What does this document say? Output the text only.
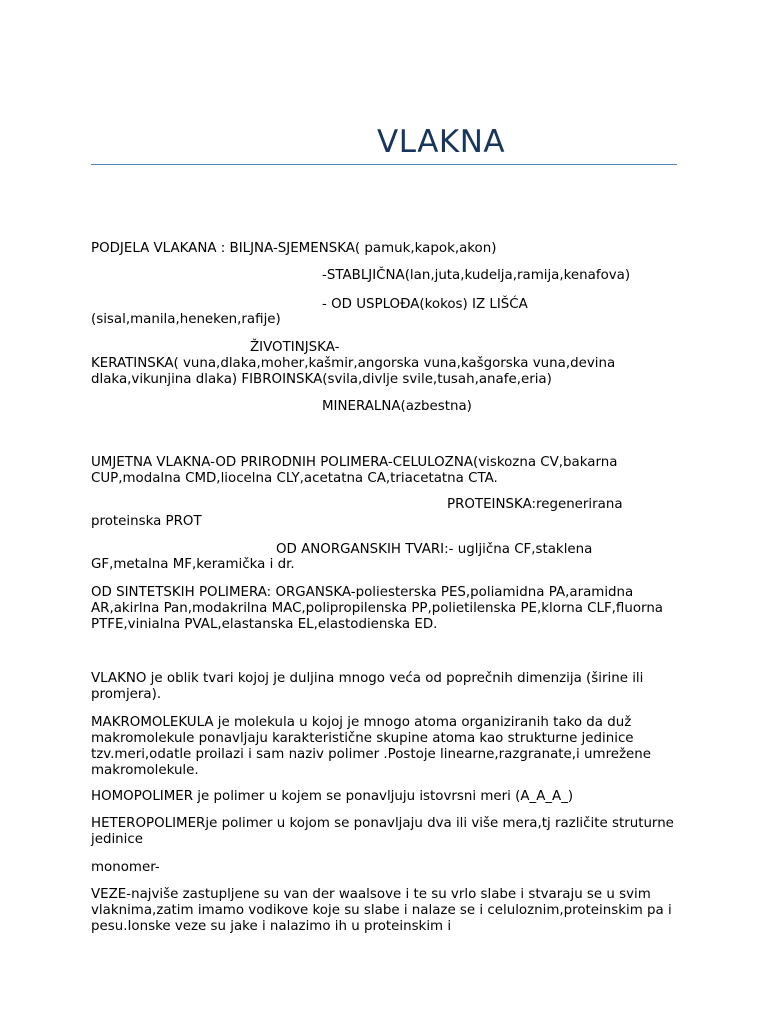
VLAKNA
PODJELA VLAKANA : BILJNA-SJEMENSKA( pamuk,kapok,akon)
-STABLJIČNA(lan,juta,kudelja,ramija,kenafova)
- OD USPLOĐA(kokos) IZ LIŠĆA
(sisal,manila,heneken,rafije)
ŽIVOTINJSKA-
KERATINSKA( vuna,dlaka,moher,kašmir,angorska vuna,kašgorska vuna,devina dlaka,vikunjina dlaka) FIBROINSKA(svila,divlje svile,tusah,anafe,eria)
MINERALNA(azbestna)
UMJETNA VLAKNA-OD PRIRODNIH POLIMERA-CELULOZNA(viskozna CV,bakarna CUP,modalna CMD,liocelna CLY,acetatna CA,triacetatna CTA.
PROTEINSKA:regenerirana
proteinska PROT
OD ANORGANSKIH TVARI:- ugljična CF,staklena
GF,metalna MF,keramička i dr.
OD SINTETSKIH POLIMERA: ORGANSKA-poliesterska PES,poliamidna PA,aramidna AR,akirlna Pan,modakrilna MAC,polipropilenska PP,polietilenska PE,klorna CLF,fluorna PTFE,vinialna PVAL,elastanska EL,elastodienska ED.
VLAKNO je oblik tvari kojoj je duljina mnogo veća od poprečnih dimenzija (širine ili promjera).
MAKROMOLEKULA je molekula u kojoj je mnogo atoma organiziranih tako da duž makromolekule ponavljaju karakteristične skupine atoma kao strukturne jedinice tzv.meri,odatle proilazi i sam naziv polimer .Postoje linearne,razgranate,i umrežene makromolekule.
HOMOPOLIMER je polimer u kojem se ponavljuju istovrsni meri (A_A_A_)
HETEROPOLIMERje polimer u kojom se ponavljaju dva ili više mera,tj različite struturne jedinice
monomer-
VEZE-najviše zastupljene su van der waalsove i te su vrlo slabe i stvaraju se u svim vlaknima,zatim imamo vodikove koje su slabe i nalaze se i celuloznim,proteinskim pa i pesu.Ionske veze su jake i nalazimo ih u proteinskim i
